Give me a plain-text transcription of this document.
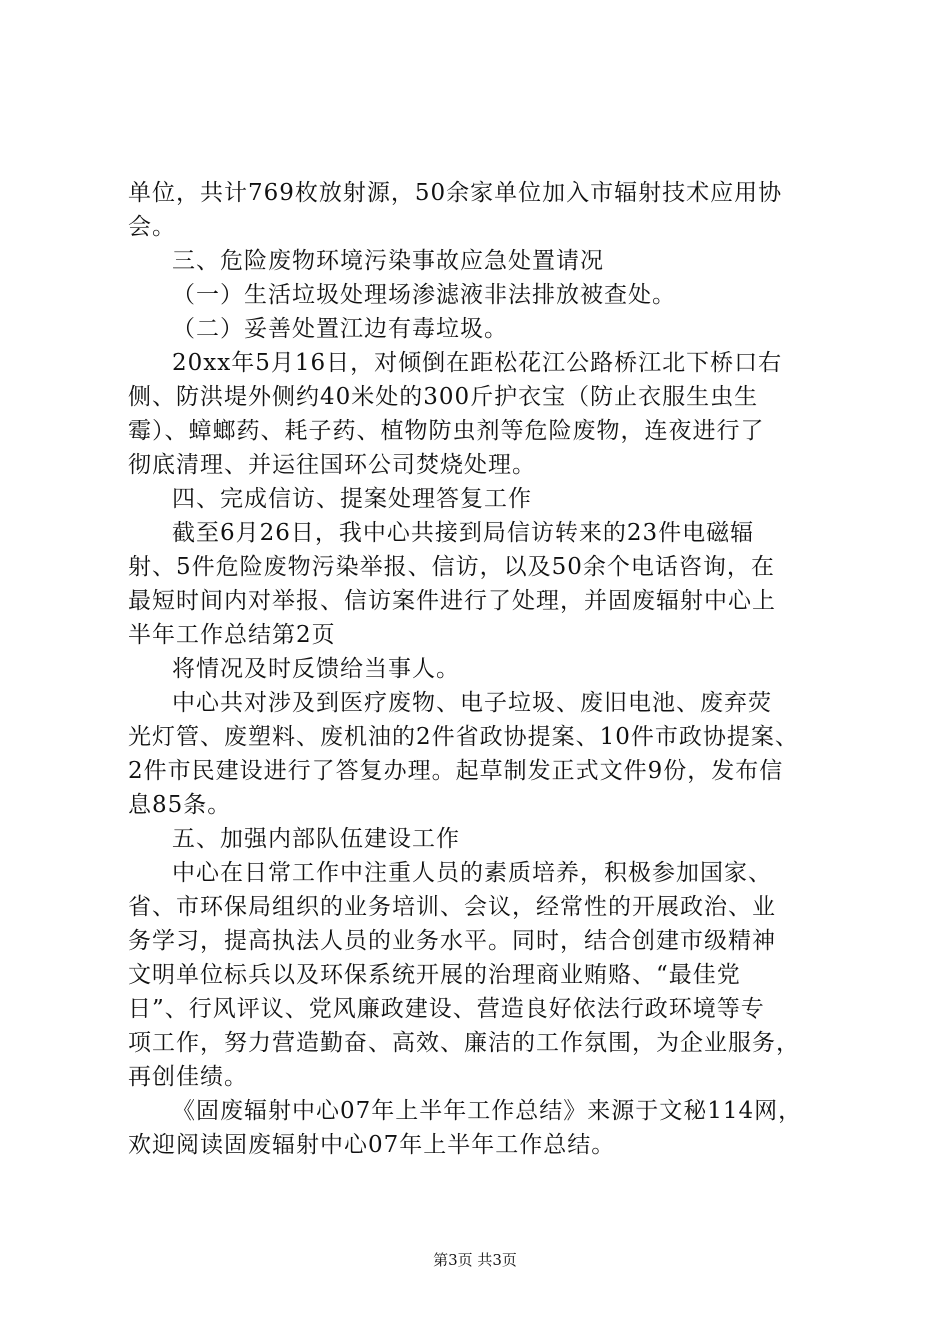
单位，共计769枚放射源，50余家单位加入市辐射技术应用协
会。
三、危险废物环境污染事故应急处置请况
（一）生活垃圾处理场渗滤液非法排放被查处。
（二）妥善处置江边有毒垃圾。
20xx年5月16日，对倾倒在距松花江公路桥江北下桥口右
侧、防洪堤外侧约40米处的300斤护衣宝（防止衣服生虫生
霉）、蟑螂药、耗子药、植物防虫剂等危险废物，连夜进行了
彻底清理、并运往国环公司焚烧处理。
四、完成信访、提案处理答复工作
截至6月26日，我中心共接到局信访转来的23件电磁辐
射、5件危险废物污染举报、信访，以及50余个电话咨询，在
最短时间内对举报、信访案件进行了处理，并固废辐射中心上
半年工作总结第2页
将情况及时反馈给当事人。
中心共对涉及到医疗废物、电子垃圾、废旧电池、废弃荧
光灯管、废塑料、废机油的2件省政协提案、10件市政协提案、
2件市民建设进行了答复办理。起草制发正式文件9份，发布信
息85条。
五、加强内部队伍建设工作
中心在日常工作中注重人员的素质培养，积极参加国家、
省、市环保局组织的业务培训、会议，经常性的开展政治、业
务学习，提高执法人员的业务水平。同时，结合创建市级精神
文明单位标兵以及环保系统开展的治理商业贿赂、“最佳党
日”、行风评议、党风廉政建设、营造良好依法行政环境等专
项工作，努力营造勤奋、高效、廉洁的工作氛围，为企业服务，
再创佳绩。
《固废辐射中心07年上半年工作总结》来源于文秘114网，
欢迎阅读固废辐射中心07年上半年工作总结。
第3页 共3页
